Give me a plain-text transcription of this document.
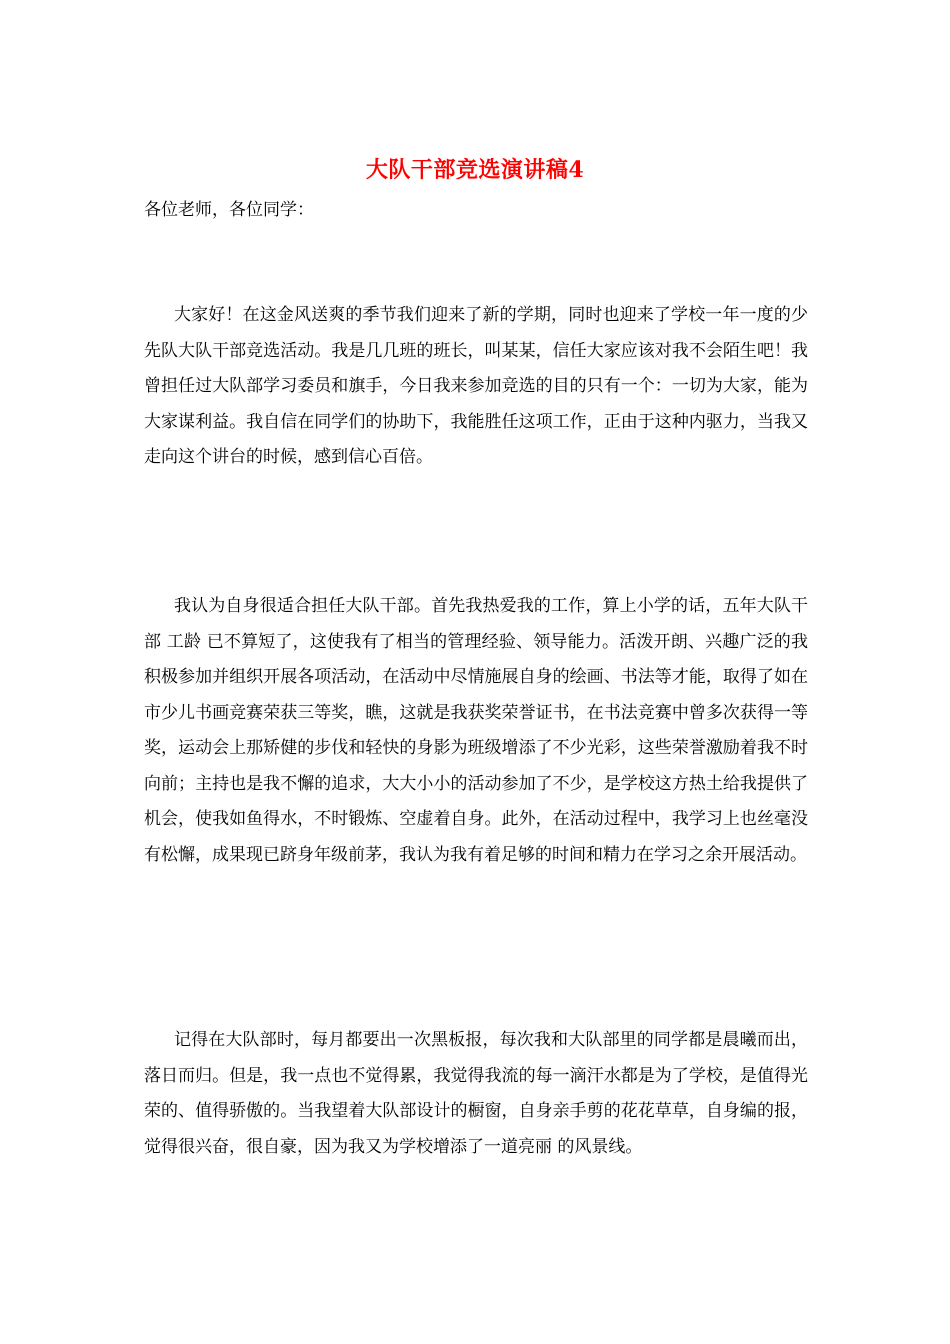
大队干部竞选演讲稿4
各位老师，各位同学：

大家好！在这金风送爽的季节我们迎来了新的学期，同时也迎来了学校一年一度的少先队大队干部竞选活动。我是几几班的班长，叫某某，信任大家应该对我不会陌生吧！我曾担任过大队部学习委员和旗手，今日我来参加竞选的目的只有一个：一切为大家，能为大家谋利益。我自信在同学们的协助下，我能胜任这项工作，正由于这种内驱力，当我又走向这个讲台的时候，感到信心百倍。

我认为自身很适合担任大队干部。首先我热爱我的工作，算上小学的话，五年大队干部 工龄 已不算短了，这使我有了相当的管理经验、领导能力。活泼开朗、兴趣广泛的我积极参加并组织开展各项活动，在活动中尽情施展自身的绘画、书法等才能，取得了如在市少儿书画竞赛荣获三等奖，瞧，这就是我获奖荣誉证书，在书法竞赛中曾多次获得一等奖，运动会上那矫健的步伐和轻快的身影为班级增添了不少光彩，这些荣誉激励着我不时向前；主持也是我不懈的追求，大大小小的活动参加了不少，是学校这方热土给我提供了机会，使我如鱼得水，不时锻炼、空虚着自身。此外，在活动过程中，我学习上也丝毫没有松懈，成果现已跻身年级前茅，我认为我有着足够的时间和精力在学习之余开展活动。

记得在大队部时，每月都要出一次黑板报，每次我和大队部里的同学都是晨曦而出，落日而归。但是，我一点也不觉得累，我觉得我流的每一滴汗水都是为了学校，是值得光荣的、值得骄傲的。当我望着大队部设计的橱窗，自身亲手剪的花花草草，自身编的报，觉得很兴奋，很自豪，因为我又为学校增添了一道亮丽 的风景线。
